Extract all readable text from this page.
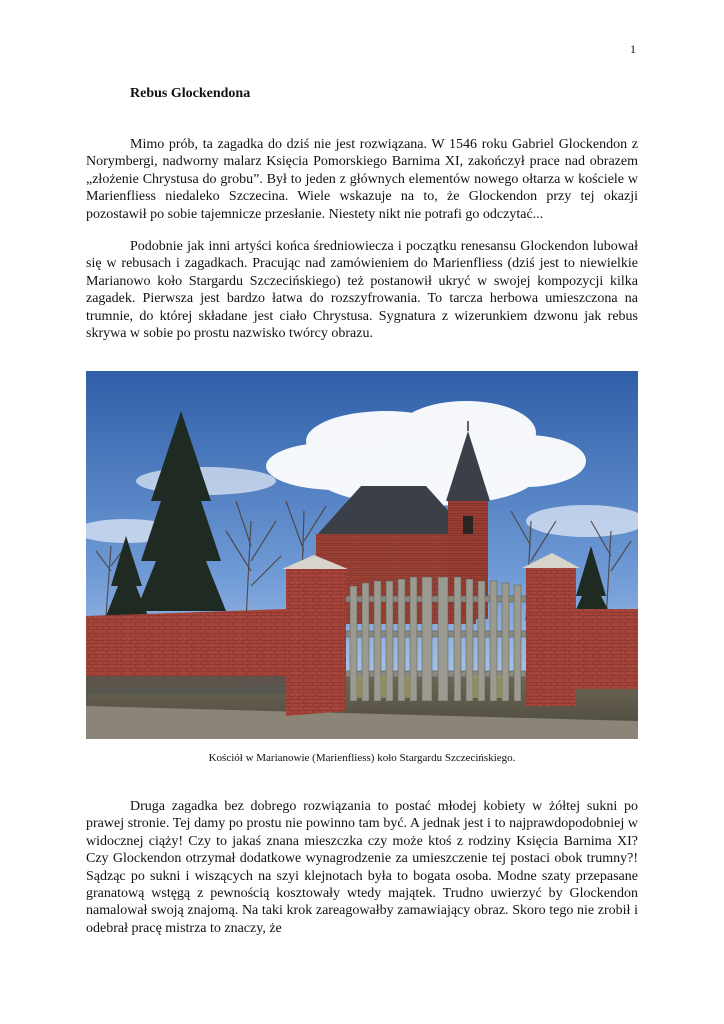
1
Rebus Glockendona

Mimo prób, ta zagadka do dziś nie jest rozwiązana. W 1546 roku Gabriel Glockendon z Norymbergi, nadworny malarz Księcia Pomorskiego Barnima XI, zakończył prace nad obrazem „złożenie Chrystusa do grobu”. Był to jeden z głównych elementów nowego ołtarza w kościele w Marienfliess niedaleko Szczecina. Wiele wskazuje na to, że Glockendon przy tej okazji pozostawił po sobie tajemnicze przesłanie. Niestety nikt nie potrafi go odczytać...

Podobnie jak inni artyści końca średniowiecza i początku renesansu Glockendon lubował się w rebusach i zagadkach. Pracując nad zamówieniem do Marienfliess (dziś jest to niewielkie Marianowo koło Stargardu Szczecińskiego) też postanowił ukryć w swojej kompozycji kilka zagadek. Pierwsza jest bardzo łatwa do rozszyfrowania. To tarcza herbowa umieszczona na trumnie, do której składane jest ciało Chrystusa. Sygnatura z wizerunkiem dzwonu jak rebus skrywa w sobie po prostu nazwisko twórcy obrazu.

Kościół w Marianowie (Marienfliess) koło Stargardu Szczecińskiego.

Druga zagadka bez dobrego rozwiązania to postać młodej kobiety w żółtej sukni po prawej stronie. Tej damy po prostu nie powinno tam być. A jednak jest i to najprawdopodobniej w widocznej ciąży! Czy to jakaś znana mieszczka czy może ktoś z rodziny Księcia Barnima XI? Czy Glockendon otrzymał dodatkowe wynagrodzenie za umieszczenie tej postaci obok trumny?! Sądząc po sukni i wiszących na szyi klejnotach była to bogata osoba. Modne szaty przepasane granatową wstęgą z pewnością kosztowały wtedy majątek. Trudno uwierzyć by Glockendon namalował swoją znajomą. Na taki krok zareagowałby zamawiający obraz. Skoro tego nie zrobił i odebrał pracę mistrza to znaczy, że
